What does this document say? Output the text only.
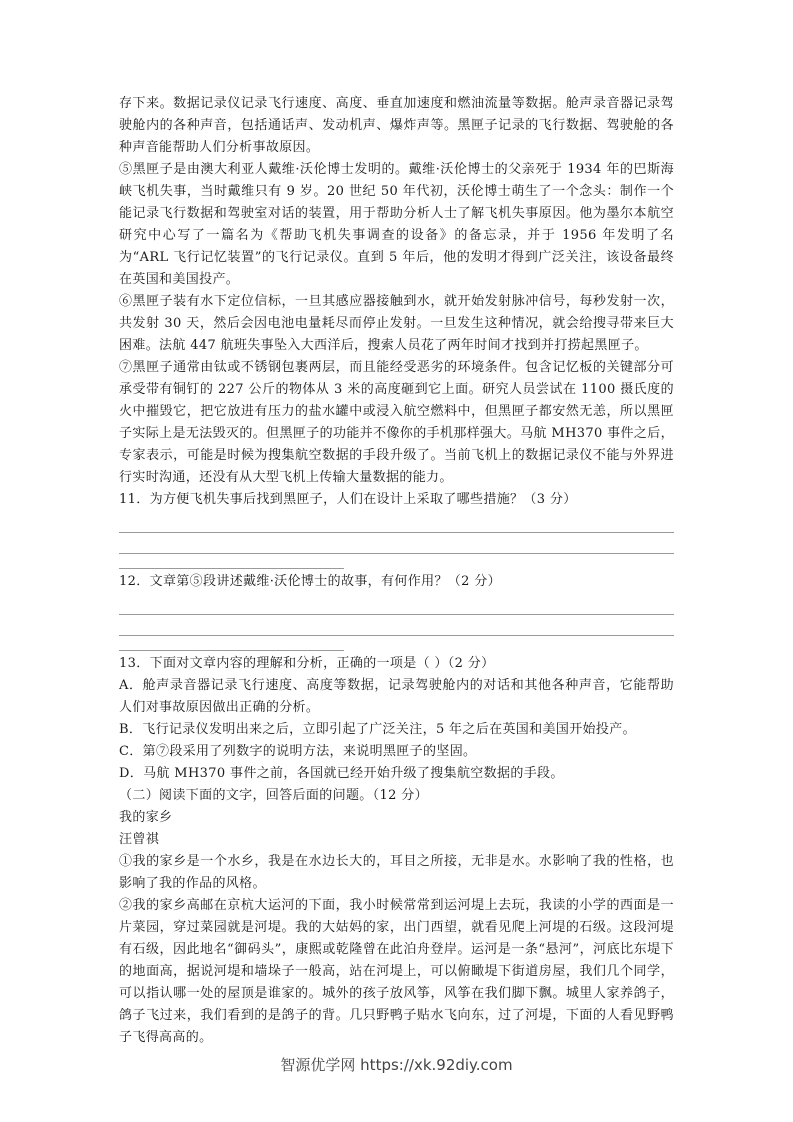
存下来。数据记录仪记录飞行速度、高度、垂直加速度和燃油流量等数据。舱声录音器记录驾驶舱内的各种声音，包括通话声、发动机声、爆炸声等。黑匣子记录的飞行数据、驾驶舱的各种声音能帮助人们分析事故原因。

⑤黑匣子是由澳大利亚人戴维·沃伦博士发明的。戴维·沃伦博士的父亲死于 1934 年的巴斯海峡飞机失事，当时戴维只有 9 岁。20 世纪 50 年代初，沃伦博士萌生了一个念头：制作一个能记录飞行数据和驾驶室对话的装置，用于帮助分析人士了解飞机失事原因。他为墨尔本航空研究中心写了一篇名为《帮助飞机失事调查的设备》的备忘录，并于 1956 年发明了名为“ARL 飞行记忆装置”的飞行记录仪。直到 5 年后，他的发明才得到广泛关注，该设备最终在英国和美国投产。

⑥黑匣子装有水下定位信标，一旦其感应器接触到水，就开始发射脉冲信号，每秒发射一次，共发射 30 天，然后会因电池电量耗尽而停止发射。一旦发生这种情况，就会给搜寻带来巨大困难。法航 447 航班失事坠入大西洋后，搜索人员花了两年时间才找到并打捞起黑匣子。

⑦黑匣子通常由钛或不锈钢包裹两层，而且能经受恶劣的环境条件。包含记忆板的关键部分可承受带有铜钉的 227 公斤的物体从 3 米的高度砸到它上面。研究人员尝试在 1100 摄氏度的火中摧毁它，把它放进有压力的盐水罐中或浸入航空燃料中，但黑匣子都安然无恙，所以黑匣子实际上是无法毁灭的。但黑匣子的功能并不像你的手机那样强大。马航 MH370 事件之后，专家表示，可能是时候为搜集航空数据的手段升级了。当前飞机上的数据记录仪不能与外界进行实时沟通，还没有从大型飞机上传输大量数据的能力。

11．为方便飞机失事后找到黑匣子，人们在设计上采取了哪些措施？（3 分）

12．文章第⑤段讲述戴维·沃伦博士的故事，有何作用？（2 分）

13．下面对文章内容的理解和分析，正确的一项是（ ）（2 分）

A．舱声录音器记录飞行速度、高度等数据，记录驾驶舱内的对话和其他各种声音，它能帮助人们对事故原因做出正确的分析。

B．飞行记录仪发明出来之后，立即引起了广泛关注，5 年之后在英国和美国开始投产。

C．第⑦段采用了列数字的说明方法，来说明黑匣子的坚固。

D．马航 MH370 事件之前，各国就已经开始升级了搜集航空数据的手段。

（二）阅读下面的文字，回答后面的问题。（12 分）

我的家乡

汪曾祺

①我的家乡是一个水乡，我是在水边长大的，耳目之所接，无非是水。水影响了我的性格，也影响了我的作品的风格。

②我的家乡高邮在京杭大运河的下面，我小时候常常到运河堤上去玩，我读的小学的西面是一片菜园，穿过菜园就是河堤。我的大姑妈的家，出门西望，就看见爬上河堤的石级。这段河堤有石级，因此地名“御码头”，康熙或乾隆曾在此泊舟登岸。运河是一条“悬河”，河底比东堤下的地面高，据说河堤和墙垛子一般高，站在河堤上，可以俯瞰堤下街道房屋，我们几个同学，可以指认哪一处的屋顶是谁家的。城外的孩子放风筝，风筝在我们脚下飘。城里人家养鸽子，鸽子飞过来，我们看到的是鸽子的背。几只野鸭子贴水飞向东，过了河堤，下面的人看见野鸭子飞得高高的。

智源优学网 https://xk.92diy.com
